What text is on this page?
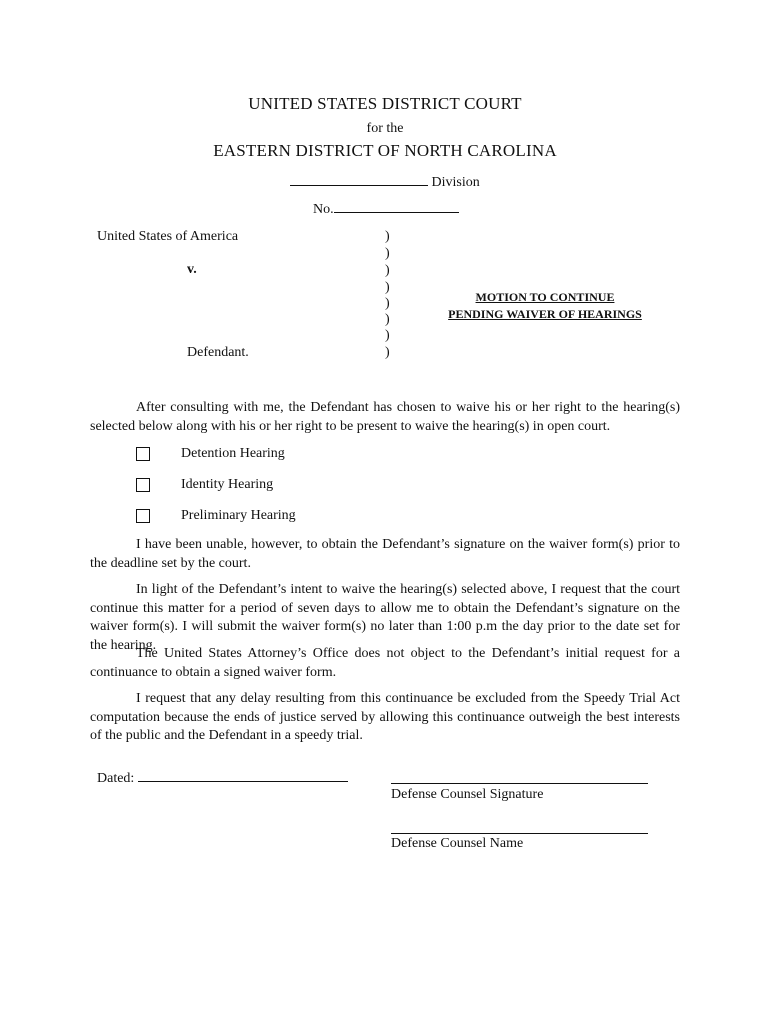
UNITED STATES DISTRICT COURT
for the
EASTERN DISTRICT OF NORTH CAROLINA
Division
No.
United States of America
v.
Defendant.
)
)
)
)
)
)
)
)
MOTION TO CONTINUE
PENDING WAIVER OF HEARINGS
After consulting with me, the Defendant has chosen to waive his or her right to the hearing(s) selected below along with his or her right to be present to waive the hearing(s) in open court.
Detention Hearing
Identity Hearing
Preliminary Hearing
I have been unable, however, to obtain the Defendant’s signature on the waiver form(s) prior to the deadline set by the court.
In light of the Defendant’s intent to waive the hearing(s) selected above, I request that the court continue this matter for a period of seven days to allow me to obtain the Defendant’s signature on the waiver form(s). I will submit the waiver form(s) no later than 1:00 p.m the day prior to the date set for the hearing.
The United States Attorney’s Office does not object to the Defendant’s initial request for a continuance to obtain a signed waiver form.
I request that any delay resulting from this continuance be excluded from the Speedy Trial Act computation because the ends of justice served by allowing this continuance outweigh the best interests of the public and the Defendant in a speedy trial.
Dated:
Defense Counsel Signature
Defense Counsel Name
